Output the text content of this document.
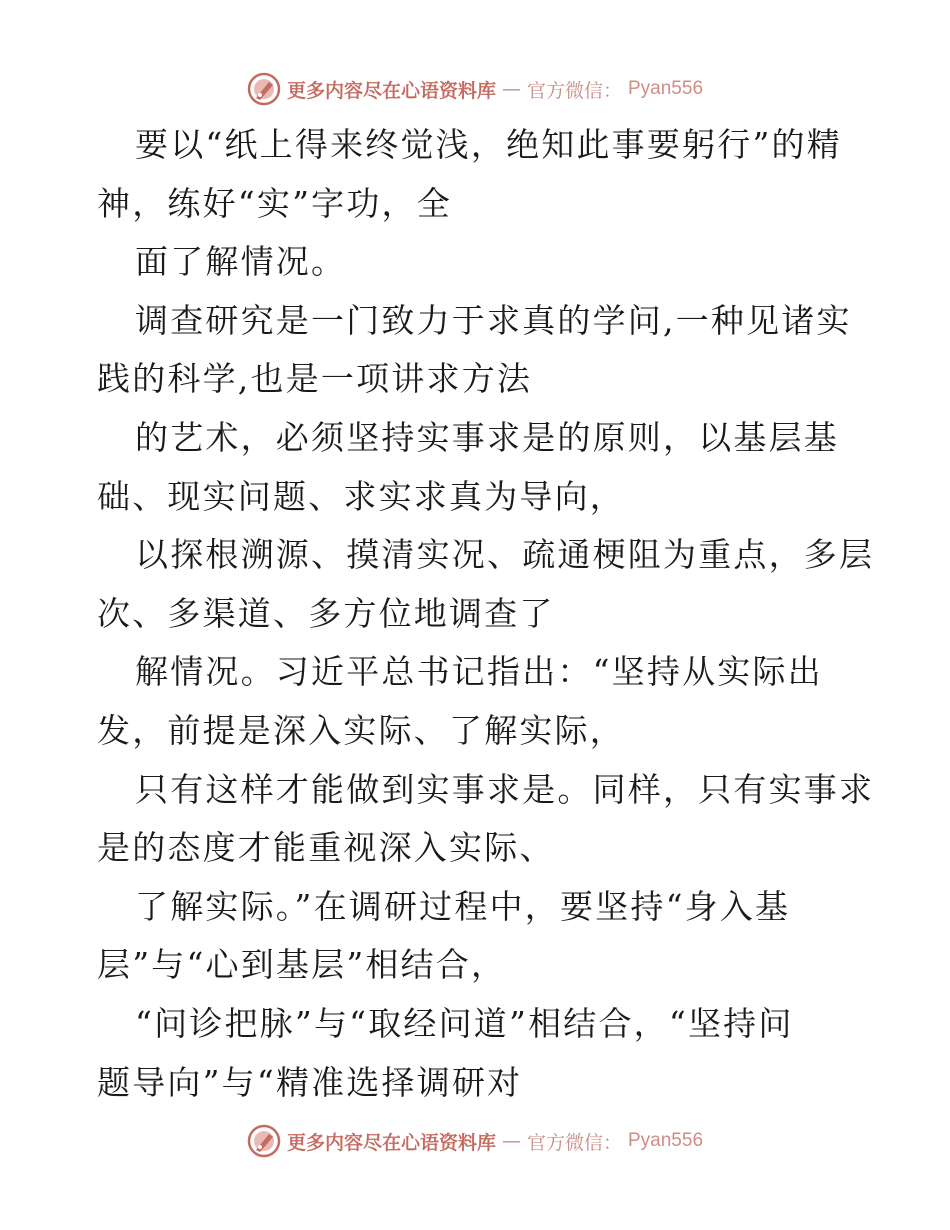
更多内容尽在心语资料库 — 官方微信： Pyan556
要以“纸上得来终觉浅，绝知此事要躬行”的精
神，练好“实”字功，全
面了解情况。
调查研究是一门致力于求真的学问,一种见诸实
践的科学,也是一项讲求方法
的艺术，必须坚持实事求是的原则，以基层基
础、现实问题、求实求真为导向，
以探根溯源、摸清实况、疏通梗阻为重点，多层
次、多渠道、多方位地调查了
解情况。习近平总书记指出：“坚持从实际出
发，前提是深入实际、了解实际，
只有这样才能做到实事求是。同样，只有实事求
是的态度才能重视深入实际、
了解实际。”在调研过程中，要坚持“身入基
层”与“心到基层”相结合，
“问诊把脉”与“取经问道”相结合，“坚持问
题导向”与“精准选择调研对
更多内容尽在心语资料库 — 官方微信： Pyan556
